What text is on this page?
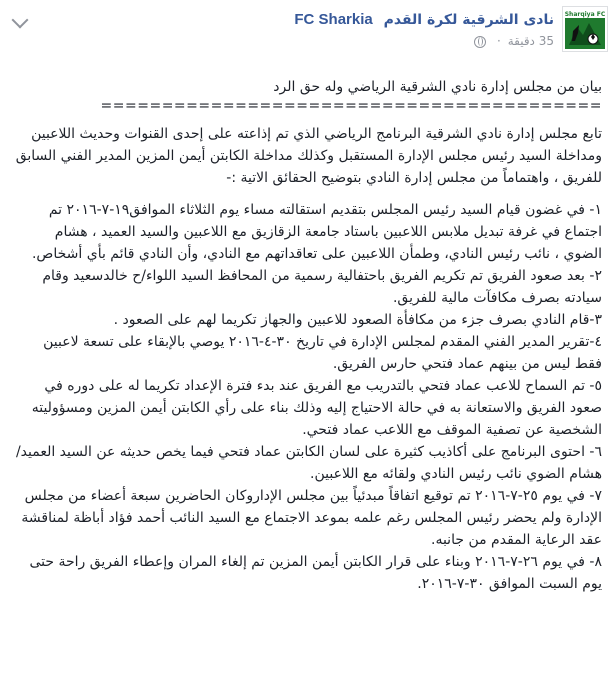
Sharqiya FC
نادى الشرقية لكرة القدم FC Sharkia
35 دقيقة ·

بيان من مجلس إدارة نادي الشرقية الرياضي وله حق الرد

=========================================

تابع مجلس إدارة نادي الشرقية البرنامج الرياضي الذي تم إذاعته على إحدى القنوات وحديث اللاعبين ومداخلة السيد رئيس مجلس الإدارة المستقبل وكذلك مداخلة الكابتن أيمن المزين المدير الفني السابق للفريق ، واهتماماً من مجلس إدارة النادي بتوضيح الحقائق الاتية :-

١- في غضون قيام السيد رئيس المجلس بتقديم استقالته مساء يوم الثلاثاء الموافق١٩-٧-٢٠١٦ تم اجتماع في غرفة تبديل ملابس اللاعبين باستاد جامعة الزقازيق مع اللاعبين والسيد العميد ، هشام الضوي ، نائب رئيس النادي، وطمأن اللاعبين على تعاقداتهم مع النادي، وأن النادي قائم بأي أشخاص.

٢- بعد صعود الفريق تم تكريم الفريق باحتفالية رسمية من المحافظ السيد اللواء/ح خالدسعيد وقام سيادته بصرف مكافآت مالية للفريق.

٣-قام النادي بصرف جزء من مكافأة الصعود للاعبين والجهاز تكريما لهم على الصعود .

٤-تقرير المدير الفني المقدم لمجلس الإدارة في تاريخ ٣٠-٤-٢٠١٦ يوصي بالإبقاء على تسعة لاعبين فقط ليس من بينهم عماد فتحي حارس الفريق.

٥- تم السماح للاعب عماد فتحي بالتدريب مع الفريق عند بدء فترة الإعداد تكريما له على دوره في صعود الفريق والاستعانة به في حالة الاحتياج إليه وذلك بناء على رأي الكابتن أيمن المزين ومسؤوليته الشخصية عن تصفية الموقف مع اللاعب عماد فتحي.

٦- احتوى البرنامج على أكاذيب كثيرة على لسان الكابتن عماد فتحي فيما يخص حديثه عن السيد العميد/هشام الضوي نائب رئيس النادي ولقائه مع اللاعبين.

٧- في يوم ٢٥-٧-٢٠١٦ تم توقيع اتفاقاً مبدئياً بين مجلس الإداروكان الحاضرين سبعة أعضاء من مجلس الإدارة ولم يحضر رئيس المجلس رغم علمه بموعد الاجتماع مع السيد النائب أحمد فؤاد أباظة لمناقشة عقد الرعاية المقدم من جانبه.

٨- في يوم ٢٦-٧-٢٠١٦ وبناء على قرار الكابتن أيمن المزين تم إلغاء المران وإعطاء الفريق راحة حتى يوم السبت الموافق ٣٠-٧-٢٠١٦.
